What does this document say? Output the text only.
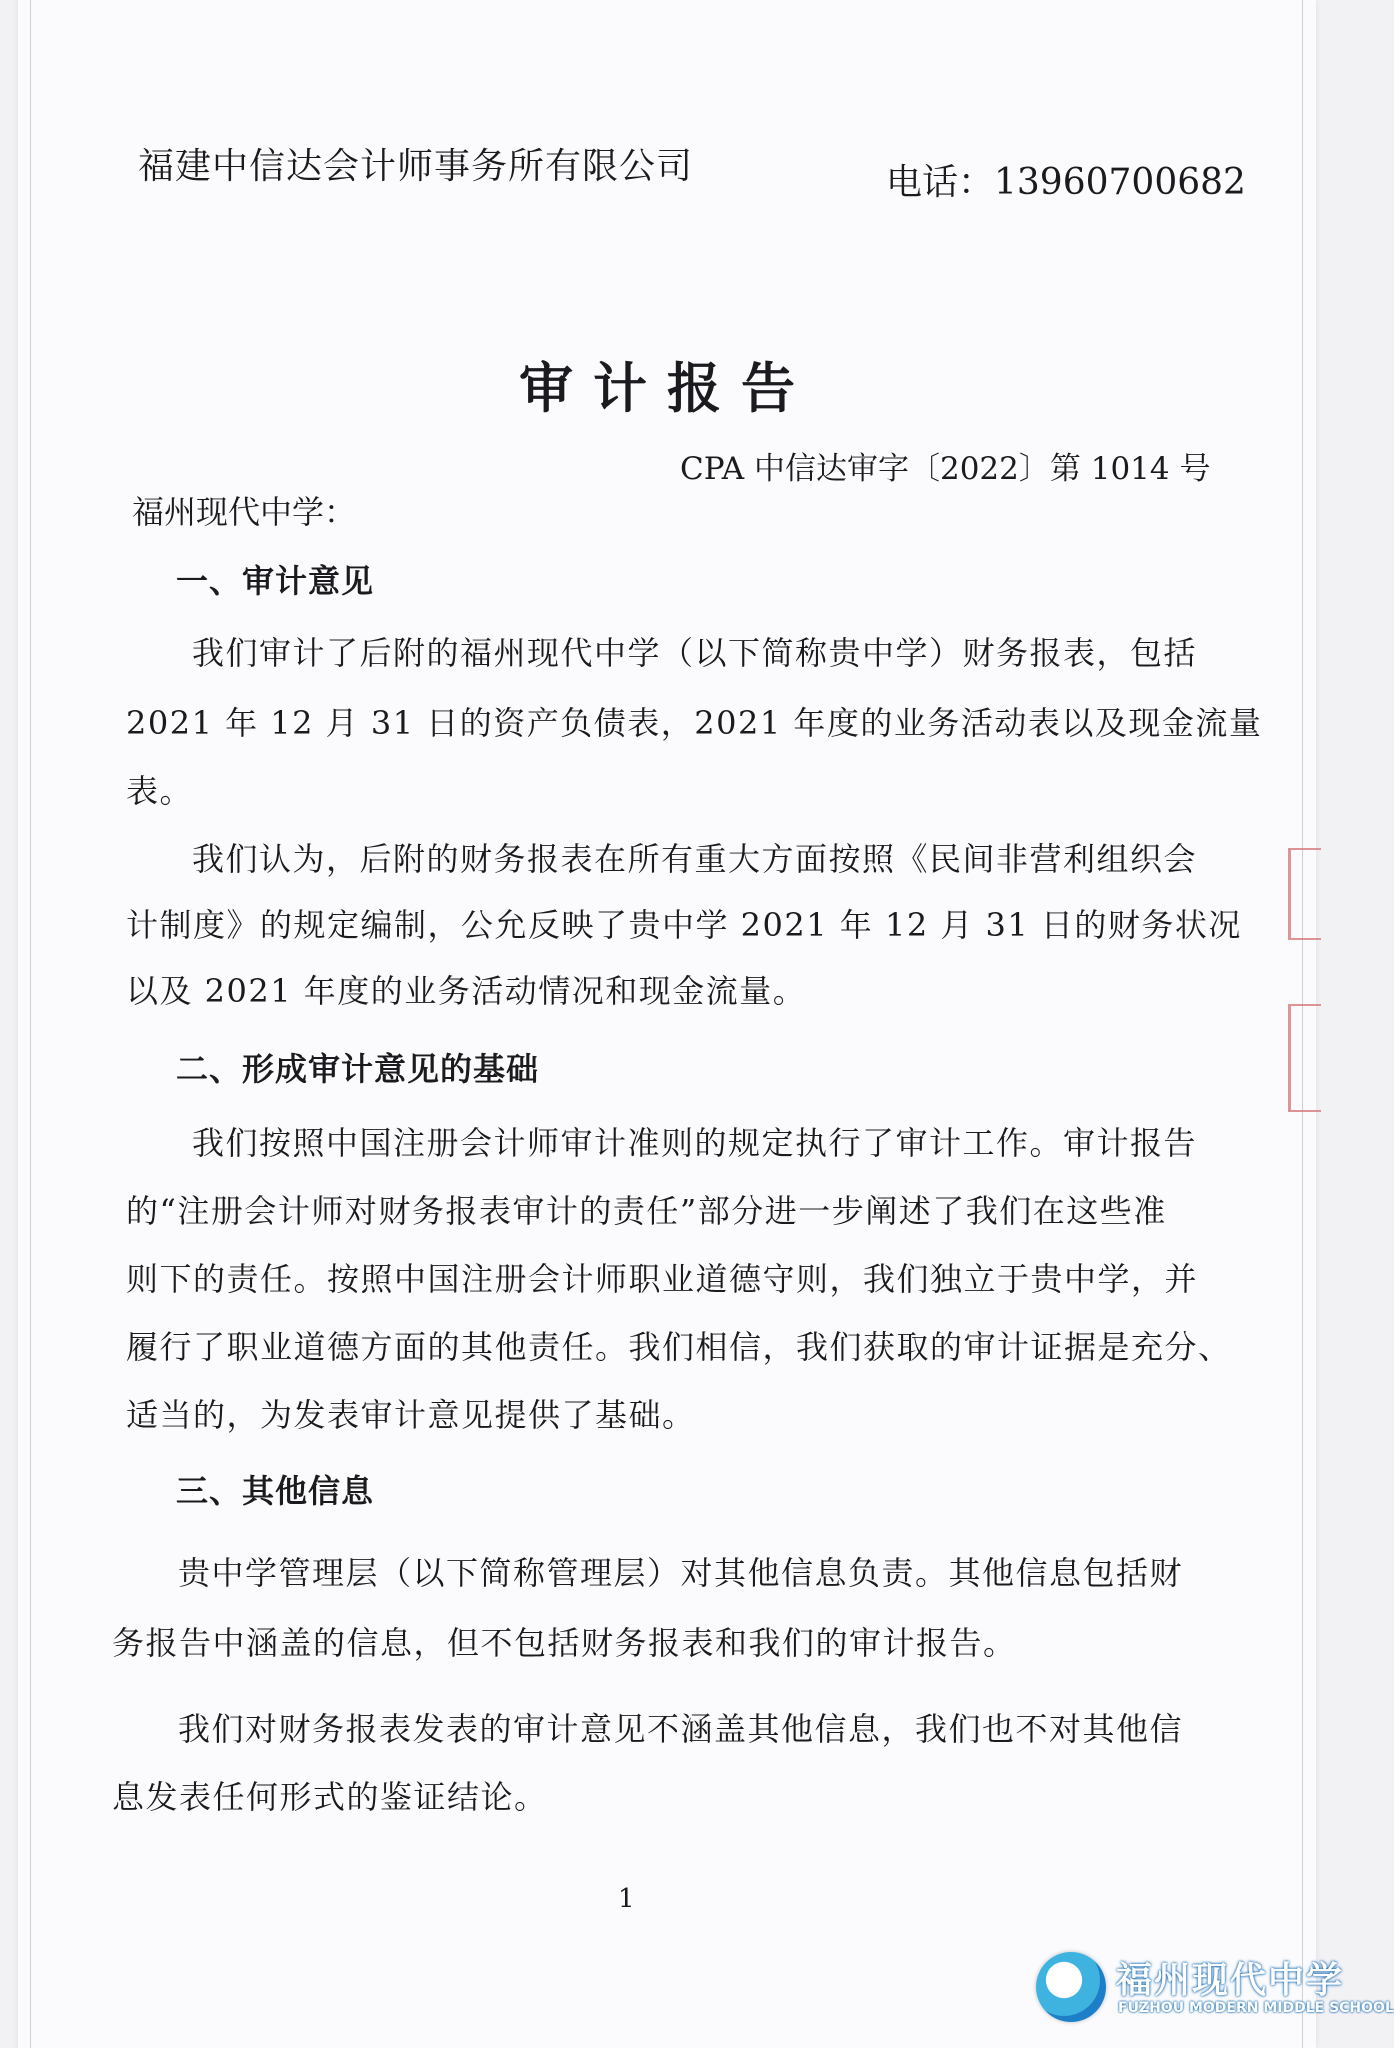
福建中信达会计师事务所有限公司	电话：13960700682
审计报告
CPA 中信达审字〔2022〕第 1014 号
福州现代中学：
一、审计意见
我们审计了后附的福州现代中学（以下简称贵中学）财务报表，包括
2021 年 12 月 31 日的资产负债表，2021 年度的业务活动表以及现金流量
表。
我们认为，后附的财务报表在所有重大方面按照《民间非营利组织会
计制度》的规定编制，公允反映了贵中学 2021 年 12 月 31 日的财务状况
以及 2021 年度的业务活动情况和现金流量。
二、形成审计意见的基础
我们按照中国注册会计师审计准则的规定执行了审计工作。审计报告
的“注册会计师对财务报表审计的责任”部分进一步阐述了我们在这些准
则下的责任。按照中国注册会计师职业道德守则，我们独立于贵中学，并
履行了职业道德方面的其他责任。我们相信，我们获取的审计证据是充分、
适当的，为发表审计意见提供了基础。
三、其他信息
贵中学管理层（以下简称管理层）对其他信息负责。其他信息包括财
务报告中涵盖的信息，但不包括财务报表和我们的审计报告。
我们对财务报表发表的审计意见不涵盖其他信息，我们也不对其他信
息发表任何形式的鉴证结论。
1
福州现代中学
FUZHOU MODERN MIDDLE SCHOOL
